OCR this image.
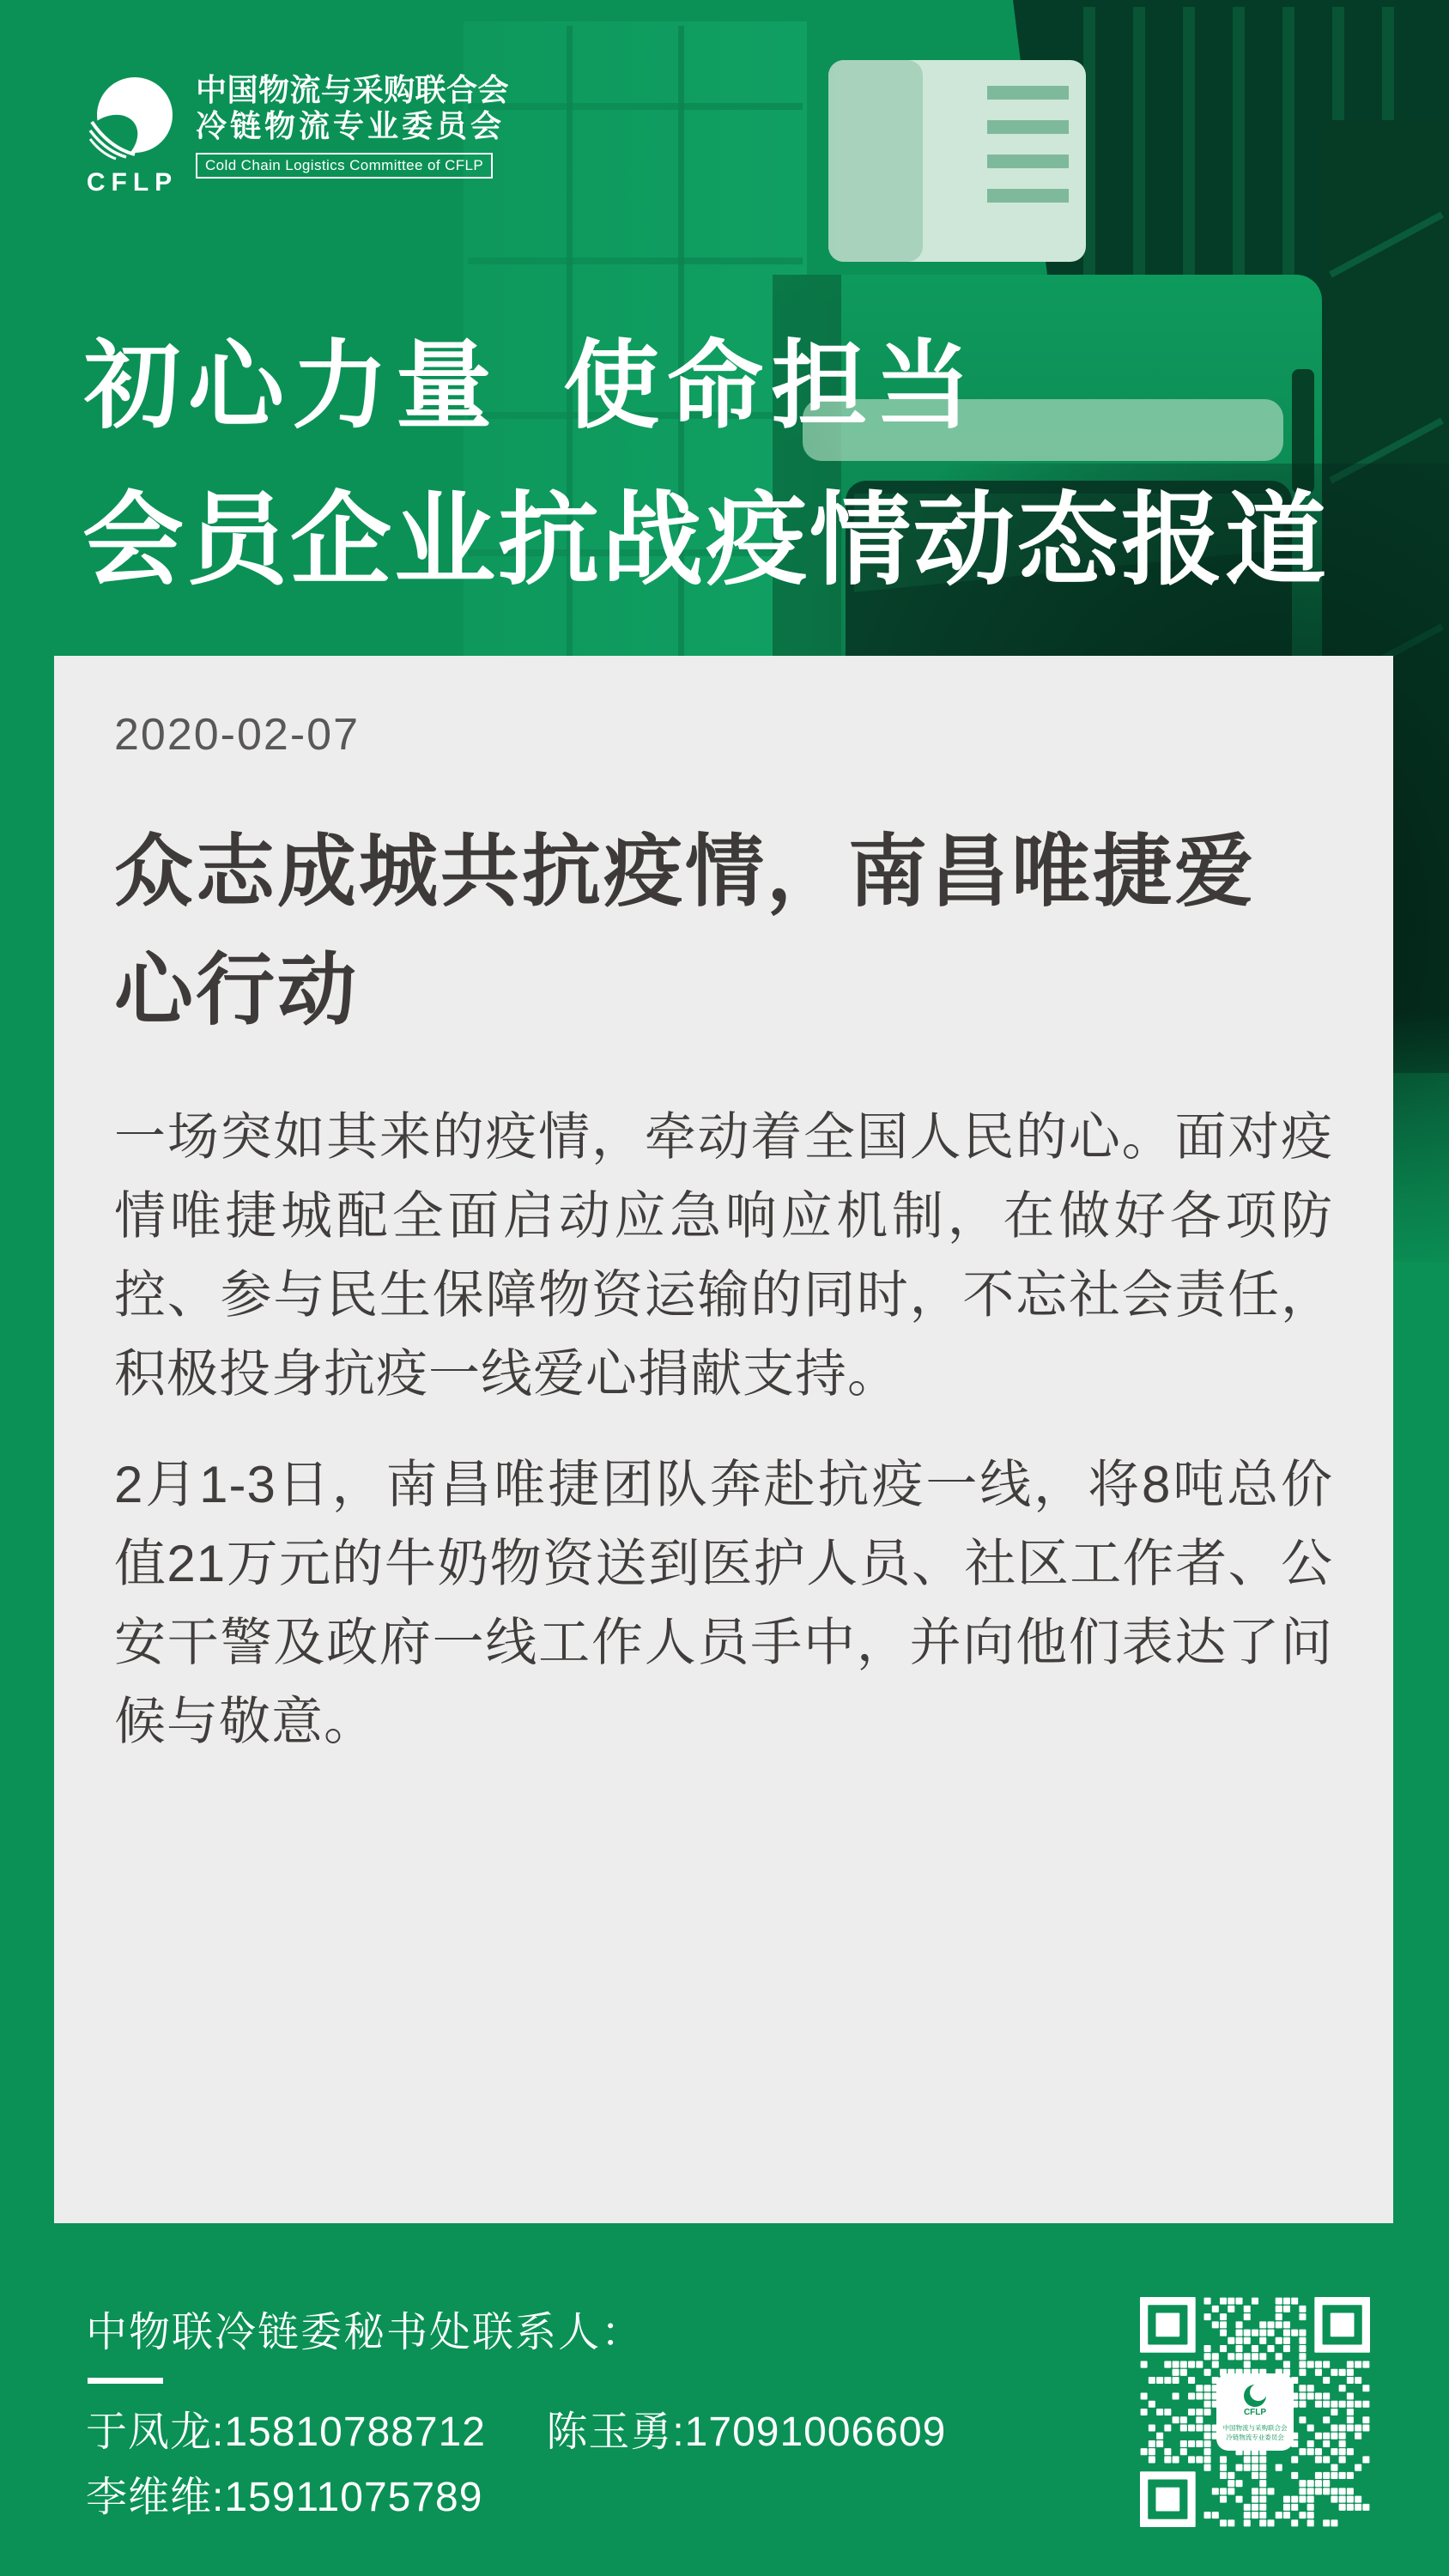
CFLP
中国物流与采购联合会
冷链物流专业委员会
Cold Chain Logistics Committee of CFLP
初心力量 使命担当
会员企业抗战疫情动态报道
2020-02-07
众志成城共抗疫情，南昌唯捷爱心行动

一场突如其来的疫情，牵动着全国人民的心。面对疫情唯捷城配全面启动应急响应机制，在做好各项防控、参与民生保障物资运输的同时，不忘社会责任，积极投身抗疫一线爱心捐献支持。

2月1-3日，南昌唯捷团队奔赴抗疫一线，将8吨总价值21万元的牛奶物资送到医护人员、社区工作者、公安干警及政府一线工作人员手中，并向他们表达了问候与敬意。

中物联冷链委秘书处联系人：
于凤龙:15810788712 陈玉勇:17091006609
李维维:15911075789
CFLP
中国物流与采购联合会
冷链物流专业委员会
